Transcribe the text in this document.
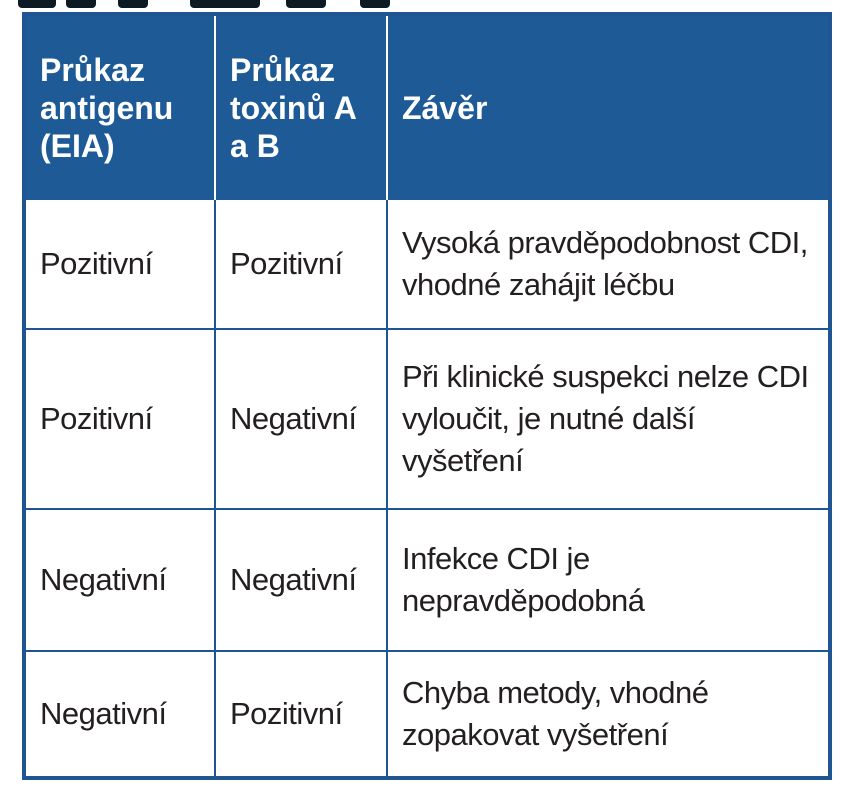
Průkaz antigenu (EIA)	Průkaz toxinů A a B	Závěr
Pozitivní	Pozitivní	Vysoká pravděpodobnost CDI, vhodné zahájit léčbu
Pozitivní	Negativní	Při klinické suspekci nelze CDI vyloučit, je nutné další vyšetření
Negativní	Negativní	Infekce CDI je nepravděpodobná
Negativní	Pozitivní	Chyba metody, vhodné zopakovat vyšetření
